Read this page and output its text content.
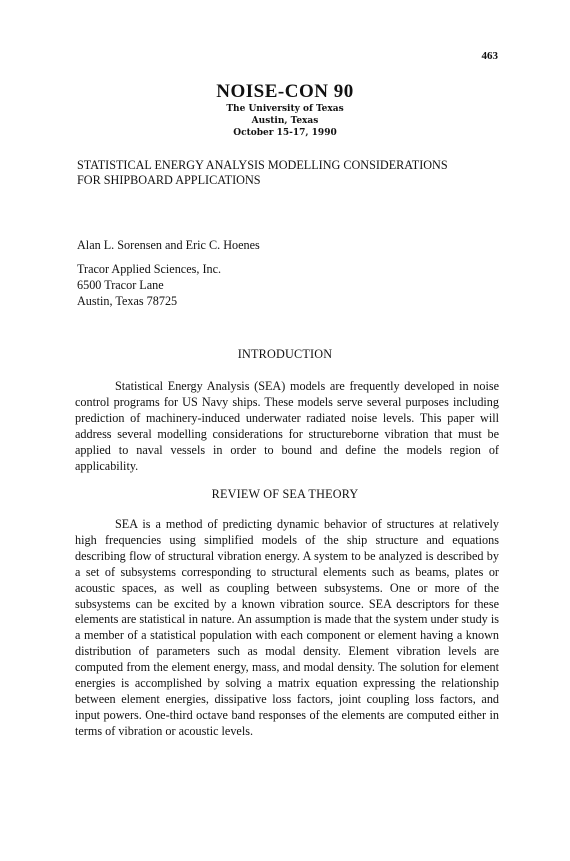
463
NOISE-CON 90
The University of Texas
Austin, Texas
October 15-17, 1990
STATISTICAL ENERGY ANALYSIS MODELLING CONSIDERATIONS
FOR SHIPBOARD APPLICATIONS
Alan L. Sorensen and Eric C. Hoenes
Tracor Applied Sciences, Inc.
6500 Tracor Lane
Austin, Texas 78725
INTRODUCTION

Statistical Energy Analysis (SEA) models are frequently developed in noise control programs for US Navy ships. These models serve several purposes including prediction of machinery-induced underwater radiated noise levels. This paper will address several modelling considerations for structureborne vibration that must be applied to naval vessels in order to bound and define the models region of applicability.

REVIEW OF SEA THEORY

SEA is a method of predicting dynamic behavior of structures at relatively high frequencies using simplified models of the ship structure and equations describing flow of structural vibration energy. A system to be analyzed is described by a set of subsystems corresponding to structural elements such as beams, plates or acoustic spaces, as well as coupling between subsystems. One or more of the subsystems can be excited by a known vibration source. SEA descriptors for these elements are statistical in nature. An assumption is made that the system under study is a member of a statistical population with each component or element having a known distribution of parameters such as modal density. Element vibration levels are computed from the element energy, mass, and modal density. The solution for element energies is accomplished by solving a matrix equation expressing the relationship between element energies, dissipative loss factors, joint coupling loss factors, and input powers. One-third octave band responses of the elements are computed either in terms of vibration or acoustic levels.
